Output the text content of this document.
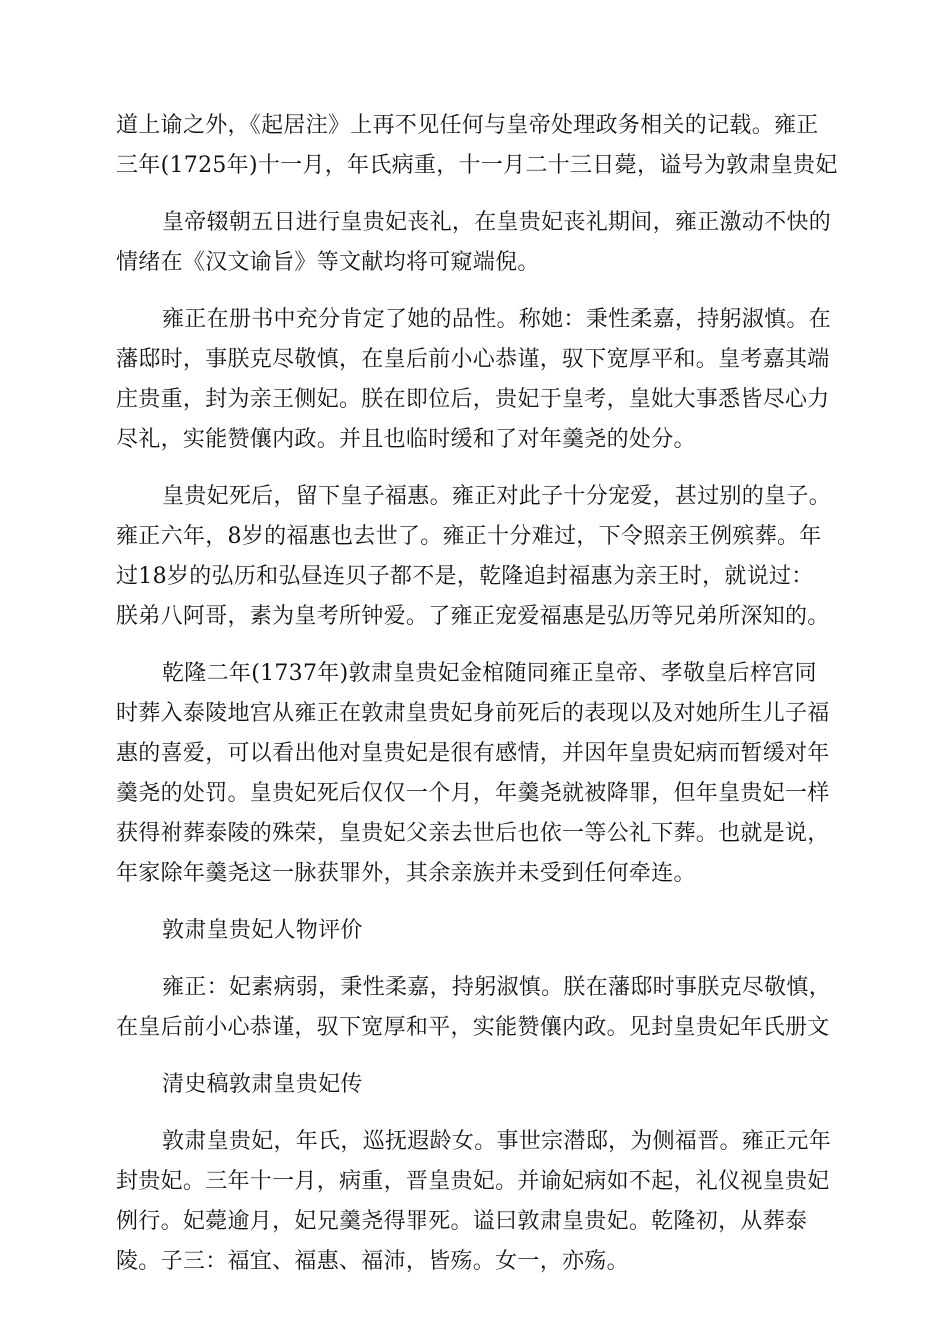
道上谕之外，《起居注》上再不见任何与皇帝处理政务相关的记载。雍正
三年(1725年)十一月，年氏病重，十一月二十三日薨，谥号为敦肃皇贵妃

皇帝辍朝五日进行皇贵妃丧礼，在皇贵妃丧礼期间，雍正激动不快的
情绪在《汉文谕旨》等文献均将可窥端倪。

雍正在册书中充分肯定了她的品性。称她：秉性柔嘉，持躬淑慎。在
藩邸时，事朕克尽敬慎，在皇后前小心恭谨，驭下宽厚平和。皇考嘉其端
庄贵重，封为亲王侧妃。朕在即位后，贵妃于皇考，皇妣大事悉皆尽心力
尽礼，实能赞儴内政。并且也临时缓和了对年羹尧的处分。

皇贵妃死后，留下皇子福惠。雍正对此子十分宠爱，甚过别的皇子。
雍正六年，8岁的福惠也去世了。雍正十分难过，下令照亲王例殡葬。年
过18岁的弘历和弘昼连贝子都不是，乾隆追封福惠为亲王时，就说过：
朕弟八阿哥，素为皇考所钟爱。了雍正宠爱福惠是弘历等兄弟所深知的。

乾隆二年(1737年)敦肃皇贵妃金棺随同雍正皇帝、孝敬皇后梓宫同
时葬入泰陵地宫从雍正在敦肃皇贵妃身前死后的表现以及对她所生儿子福
惠的喜爱，可以看出他对皇贵妃是很有感情，并因年皇贵妃病而暂缓对年
羹尧的处罚。皇贵妃死后仅仅一个月，年羹尧就被降罪，但年皇贵妃一样
获得祔葬泰陵的殊荣，皇贵妃父亲去世后也依一等公礼下葬。也就是说，
年家除年羹尧这一脉获罪外，其余亲族并未受到任何牵连。

敦肃皇贵妃人物评价

雍正：妃素病弱，秉性柔嘉，持躬淑慎。朕在藩邸时事朕克尽敬慎，
在皇后前小心恭谨，驭下宽厚和平，实能赞儴内政。见封皇贵妃年氏册文

清史稿敦肃皇贵妃传

敦肃皇贵妃，年氏，巡抚遐龄女。事世宗潜邸，为侧福晋。雍正元年
封贵妃。三年十一月，病重，晋皇贵妃。并谕妃病如不起，礼仪视皇贵妃
例行。妃薨逾月，妃兄羹尧得罪死。谥曰敦肃皇贵妃。乾隆初，从葬泰
陵。子三：福宜、福惠、福沛，皆殇。女一，亦殇。
